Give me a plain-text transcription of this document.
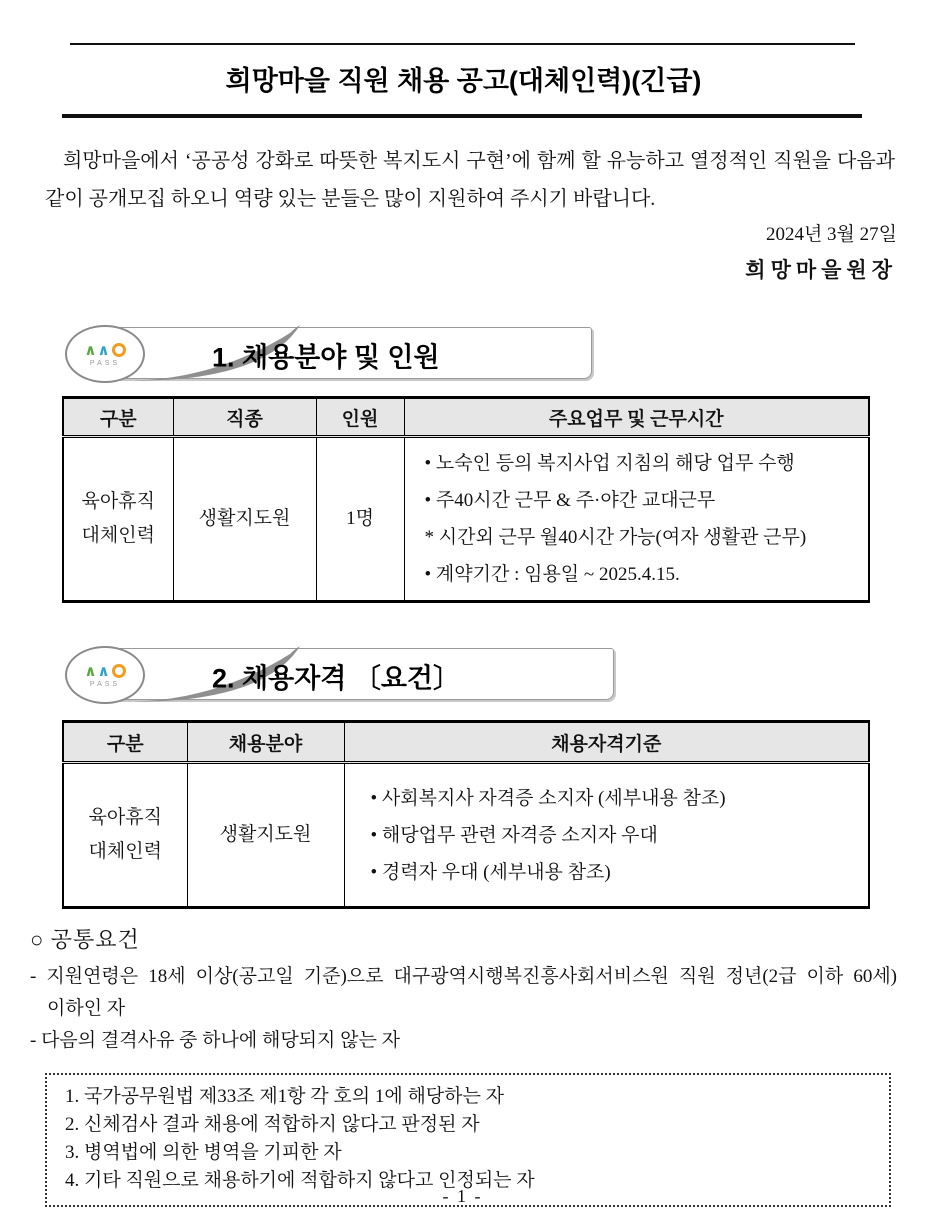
희망마을 직원 채용 공고(대체인력)(긴급)

희망마을에서 ‘공공성 강화로 따뜻한 복지도시 구현’에 함께 할 유능하고 열정적인 직원을 다음과 같이 공개모집 하오니 역량 있는 분들은 많이 지원하여 주시기 바랍니다.

2024년 3월 27일
희망마을원장
∧ ∧
PASS	1. 채용분야 및 인원
구분	직종	인원	주요업무 및 근무시간

육아휴직
대체인력
	생활지도원	1명	
• 노숙인 등의 복지사업 지침의 해당 업무 수행
• 주40시간 근무 & 주·야간 교대근무
* 시간외 근무 월40시간 가능(여자 생활관 근무)
• 계약기간 : 임용일 ~ 2025.4.15.
∧ ∧
PASS	2. 채용자격 〔요건〕
구분	채용분야	채용자격기준

육아휴직
대체인력
	생활지도원	
• 사회복지사 자격증 소지자 (세부내용 참조)
• 해당업무 관련 자격증 소지자 우대
• 경력자 우대 (세부내용 참조)
○ 공통요건
- 지원연령은 18세 이상(공고일 기준)으로 대구광역시행복진흥사회서비스원 직원 정년(2급 이하 60세) 이하인 자
- 다음의 결격사유 중 하나에 해당되지 않는 자
1. 국가공무원법 제33조 제1항 각 호의 1에 해당하는 자
2. 신체검사 결과 채용에 적합하지 않다고 판정된 자
3. 병역법에 의한 병역을 기피한 자
4. 기타 직원으로 채용하기에 적합하지 않다고 인정되는 자
- 1 -
